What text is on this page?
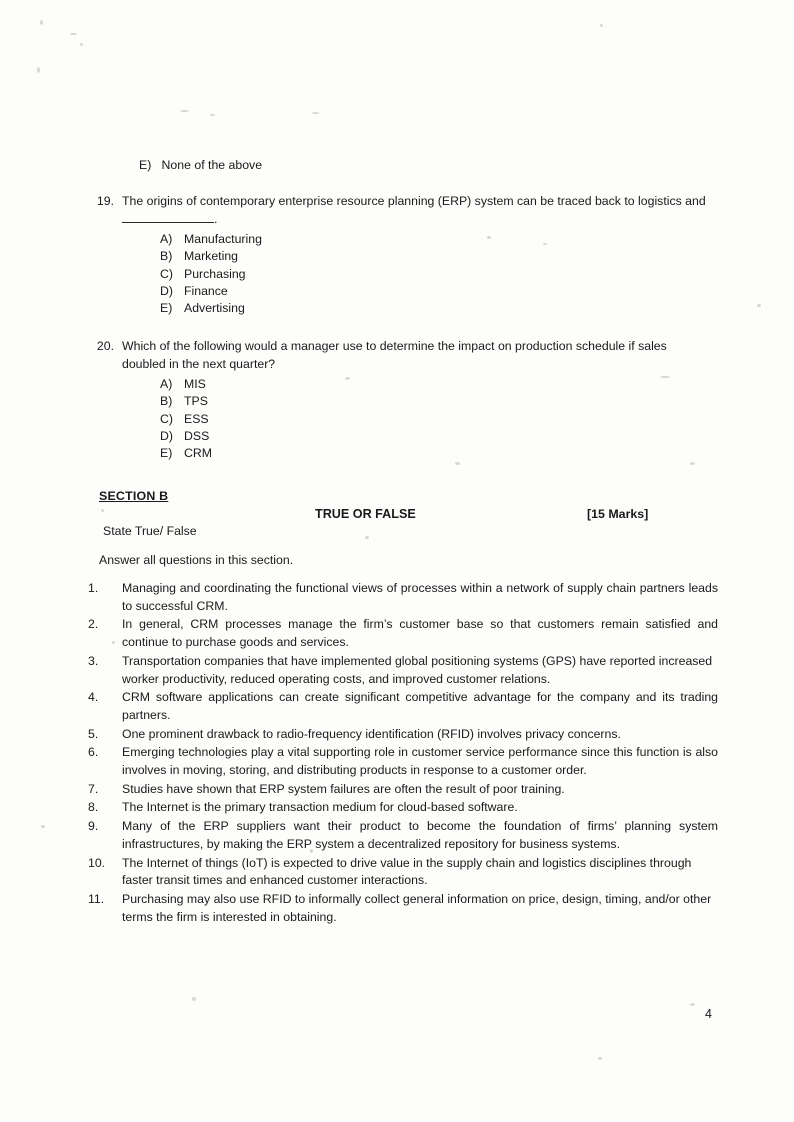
E)   None of the above
19. The origins of contemporary enterprise resource planning (ERP) system can be traced back to logistics and.
A) Manufacturing
B) Marketing
C) Purchasing
D) Finance
E) Advertising
20. Which of the following would a manager use to determine the impact on production schedule if sales doubled in the next quarter?
A) MIS
B) TPS
C) ESS
D) DSS
E) CRM
SECTION B
TRUE OR FALSE	[15 Marks]
State True/ False
Answer all questions in this section.
1.	Managing and coordinating the functional views of processes within a network of supply chain partners leads to successful CRM.
2.	In general, CRM processes manage the firm’s customer base so that customers remain satisfied and continue to purchase goods and services.
3.	Transportation companies that have implemented global positioning systems (GPS) have reported increased worker productivity, reduced operating costs, and improved customer relations.
4.	CRM software applications can create significant competitive advantage for the company and its trading partners.
5.	One prominent drawback to radio-frequency identification (RFID) involves privacy concerns.
6.	Emerging technologies play a vital supporting role in customer service performance since this function is also involves in moving, storing, and distributing products in response to a customer order.
7.	Studies have shown that ERP system failures are often the result of poor training.
8.	The Internet is the primary transaction medium for cloud-based software.
9.	Many of the ERP suppliers want their product to become the foundation of firms’ planning system infrastructures, by making the ERP system a decentralized repository for business systems.
10.	The Internet of things (IoT) is expected to drive value in the supply chain and logistics disciplines through faster transit times and enhanced customer interactions.
11.	Purchasing may also use RFID to informally collect general information on price, design, timing, and/or other terms the firm is interested in obtaining.
4
